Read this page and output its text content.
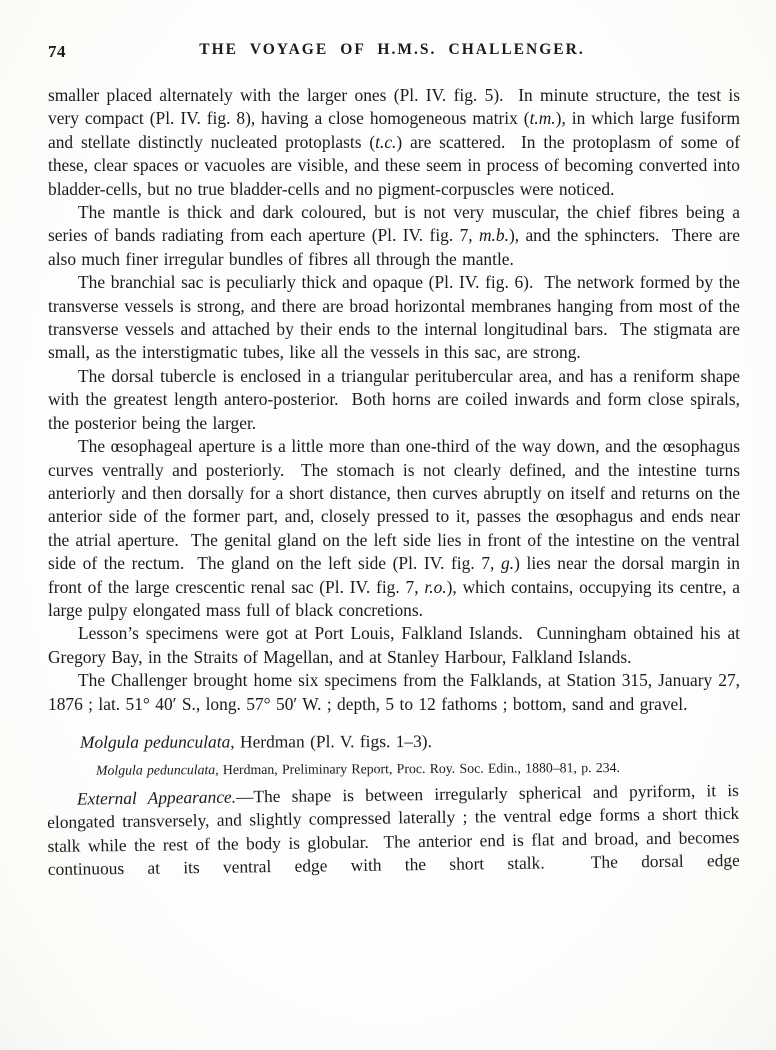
74	THE VOYAGE OF H.M.S. CHALLENGER.

smaller placed alternately with the larger ones (Pl. IV. fig. 5).  In minute structure, the test is very compact (Pl. IV. fig. 8), having a close homogeneous matrix (t.m.), in which large fusiform and stellate distinctly nucleated protoplasts (t.c.) are scattered.  In the protoplasm of some of these, clear spaces or vacuoles are visible, and these seem in process of becoming converted into bladder-cells, but no true bladder-cells and no pigment-corpuscles were noticed.

The mantle is thick and dark coloured, but is not very muscular, the chief fibres being a series of bands radiating from each aperture (Pl. IV. fig. 7, m.b.), and the sphincters.  There are also much finer irregular bundles of fibres all through the mantle.

The branchial sac is peculiarly thick and opaque (Pl. IV. fig. 6).  The network formed by the transverse vessels is strong, and there are broad horizontal membranes hanging from most of the transverse vessels and attached by their ends to the internal longitudinal bars.  The stigmata are small, as the interstigmatic tubes, like all the vessels in this sac, are strong.

The dorsal tubercle is enclosed in a triangular peritubercular area, and has a reniform shape with the greatest length antero-posterior.  Both horns are coiled inwards and form close spirals, the posterior being the larger.

The œsophageal aperture is a little more than one-third of the way down, and the œsophagus curves ventrally and posteriorly.  The stomach is not clearly defined, and the intestine turns anteriorly and then dorsally for a short distance, then curves abruptly on itself and returns on the anterior side of the former part, and, closely pressed to it, passes the œsophagus and ends near the atrial aperture.  The genital gland on the left side lies in front of the intestine on the ventral side of the rectum.  The gland on the left side (Pl. IV. fig. 7, g.) lies near the dorsal margin in front of the large crescentic renal sac (Pl. IV. fig. 7, r.o.), which contains, occupying its centre, a large pulpy elongated mass full of black concretions.

Lesson’s specimens were got at Port Louis, Falkland Islands.  Cunningham obtained his at Gregory Bay, in the Straits of Magellan, and at Stanley Harbour, Falkland Islands.

The Challenger brought home six specimens from the Falklands, at Station 315, January 27, 1876 ; lat. 51° 40′ S., long. 57° 50′ W. ; depth, 5 to 12 fathoms ; bottom, sand and gravel.

Molgula pedunculata, Herdman (Pl. V. figs. 1–3).

Molgula pedunculata, Herdman, Preliminary Report, Proc. Roy. Soc. Edin., 1880–81, p. 234.

External Appearance.—The shape is between irregularly spherical and pyriform, it is elongated transversely, and slightly compressed laterally ; the ventral edge forms a short thick stalk while the rest of the body is globular.  The anterior end is flat and broad, and becomes continuous at its ventral edge with the short stalk.  The dorsal edge
